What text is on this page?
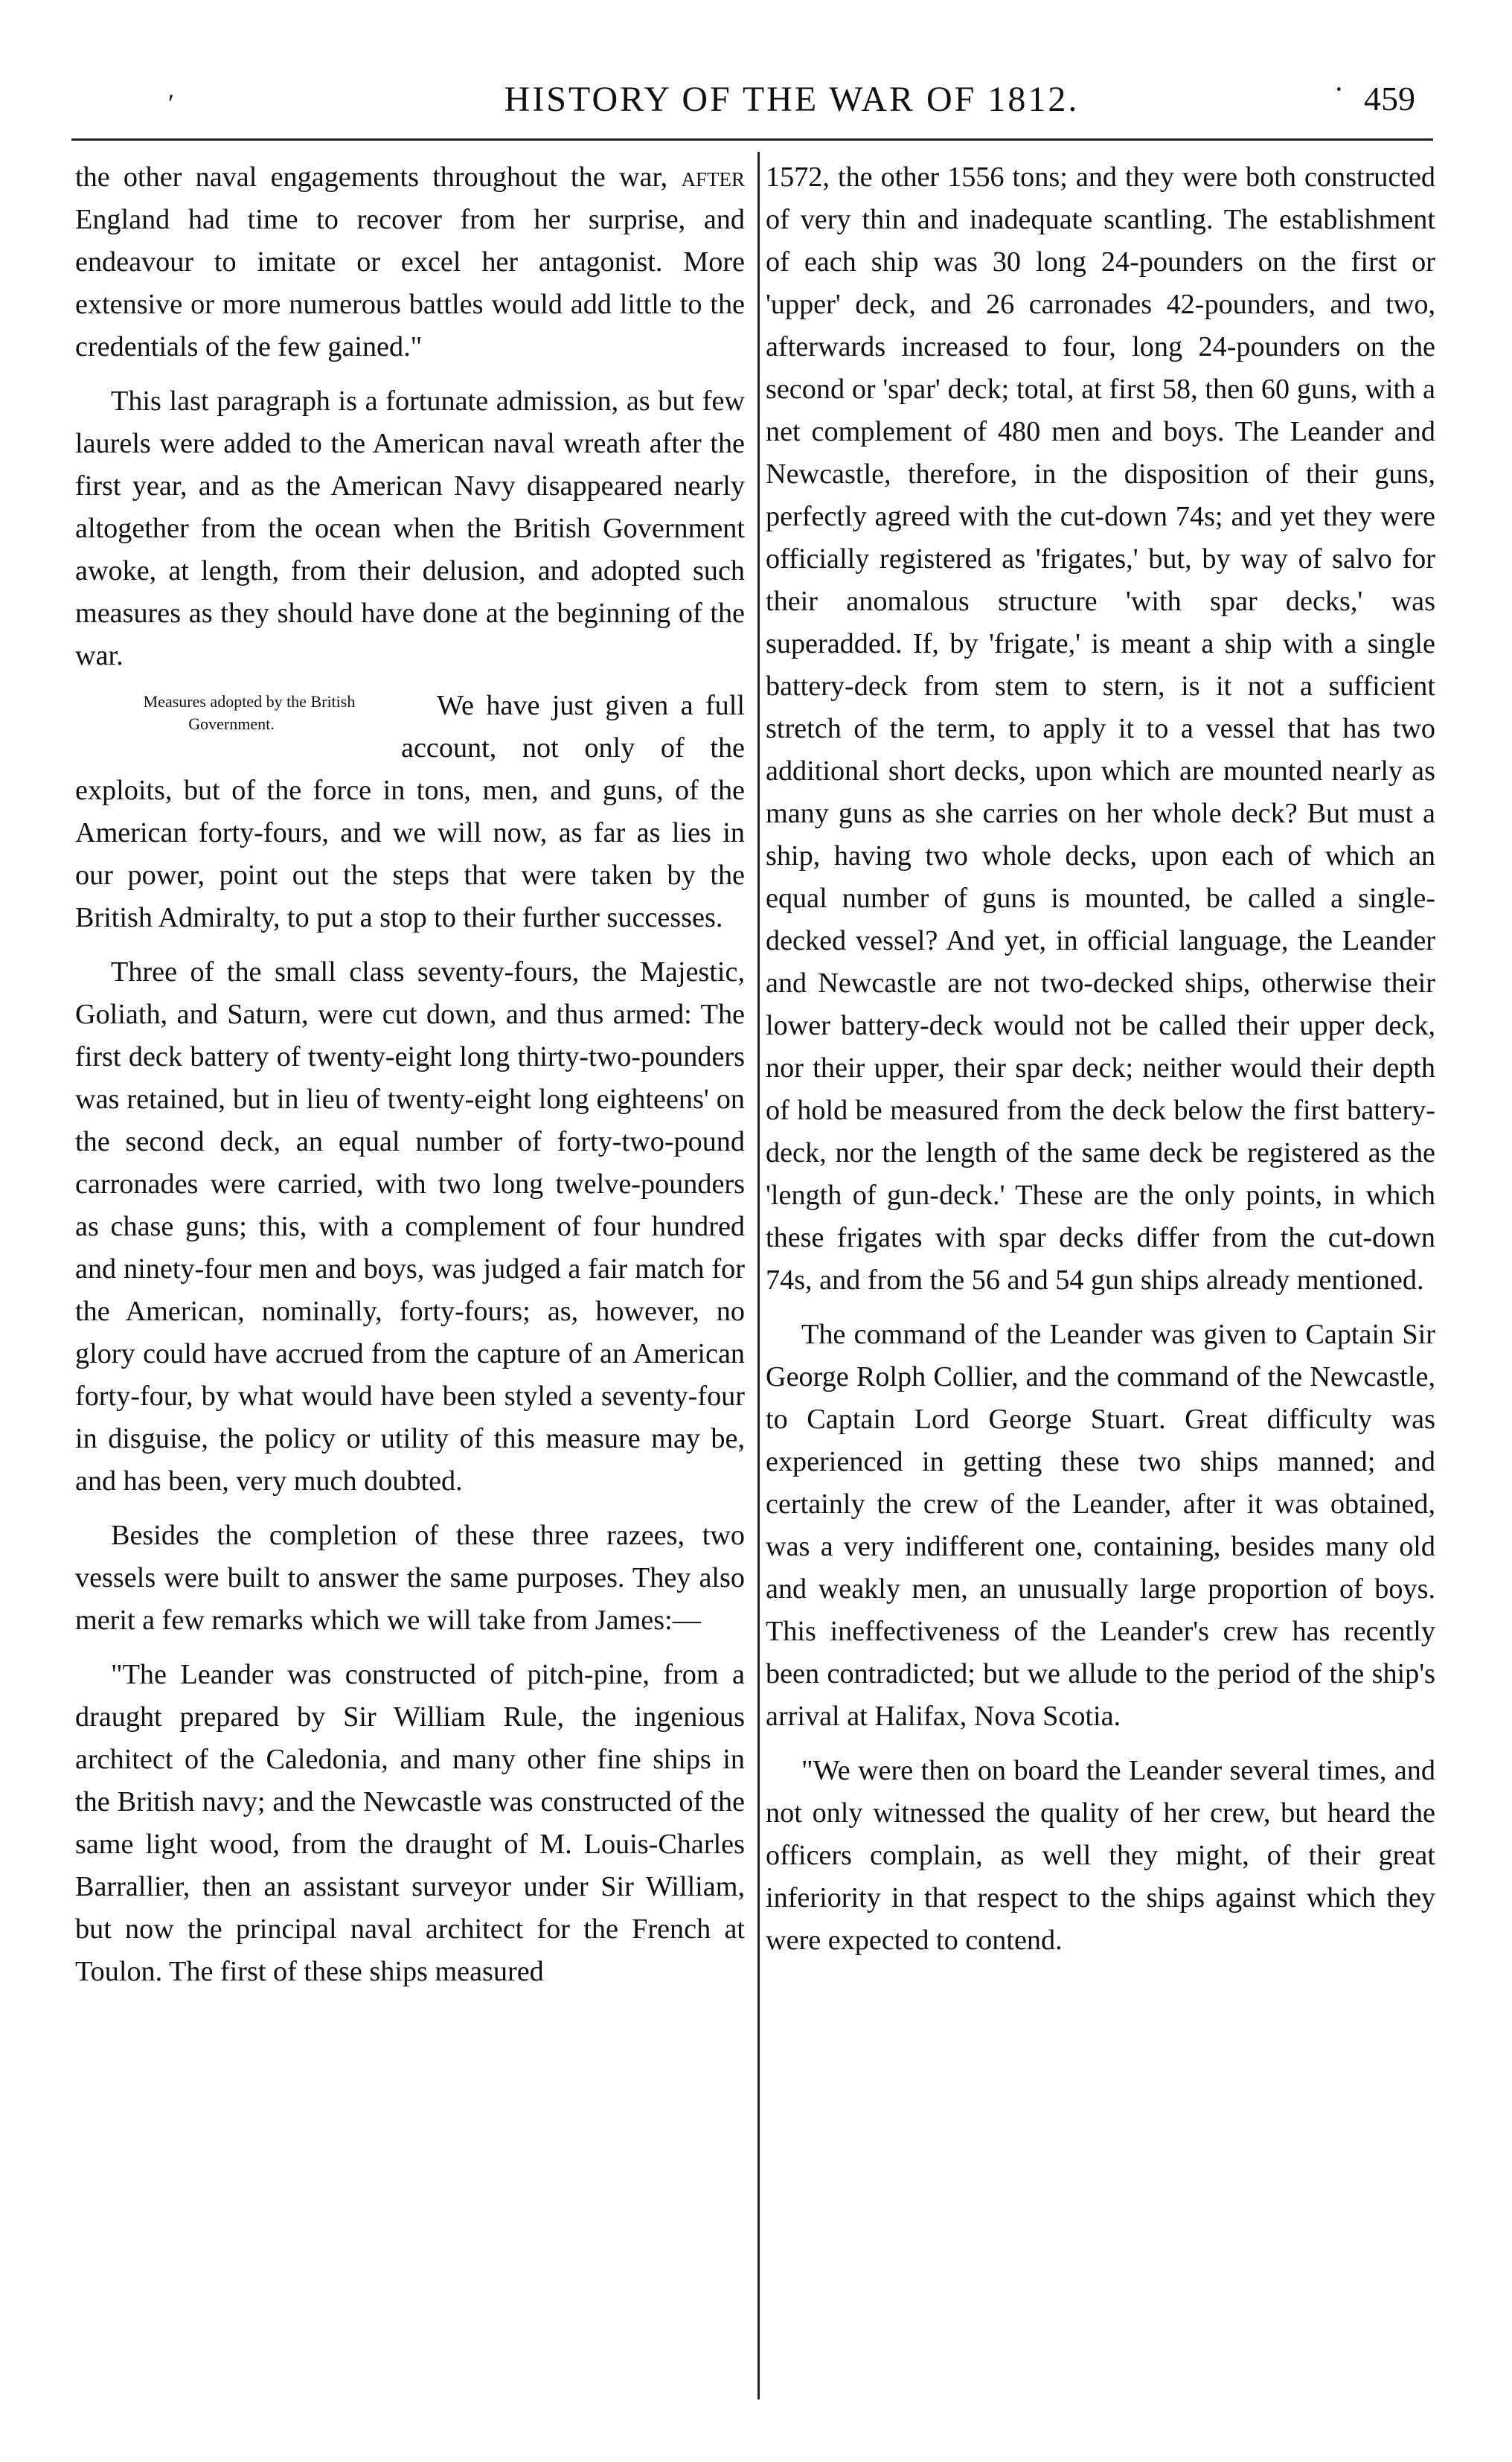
ʹ	HISTORY OF THE WAR OF 1812.	· 459

the other naval engagements throughout the war, after England had time to recover from her surprise, and endeavour to imitate or excel her antagonist. More extensive or more numerous battles would add little to the credentials of the few gained."

This last paragraph is a fortunate admission, as but few laurels were added to the American naval wreath after the first year, and as the American Navy disappeared nearly altogether from the ocean when the British Government awoke, at length, from their delusion, and adopted such measures as they should have done at the beginning of the war.

Measures adopted by the British Government.
We have just given a full account, not only of the exploits, but of the force in tons, men, and guns, of the American forty-fours, and we will now, as far as lies in our power, point out the steps that were taken by the British Admiralty, to put a stop to their further successes.

Three of the small class seventy-fours, the Majestic, Goliath, and Saturn, were cut down, and thus armed: The first deck battery of twenty-eight long thirty-two-pounders was retained, but in lieu of twenty-eight long eighteens' on the second deck, an equal number of forty-two-pound carronades were carried, with two long twelve-pounders as chase guns; this, with a complement of four hundred and ninety-four men and boys, was judged a fair match for the American, nominally, forty-fours; as, however, no glory could have accrued from the capture of an American forty-four, by what would have been styled a seventy-four in disguise, the policy or utility of this measure may be, and has been, very much doubted.

Besides the completion of these three razees, two vessels were built to answer the same purposes. They also merit a few remarks which we will take from James:—

"The Leander was constructed of pitch-pine, from a draught prepared by Sir William Rule, the ingenious architect of the Caledonia, and many other fine ships in the British navy; and the Newcastle was constructed of the same light wood, from the draught of M. Louis-Charles Barrallier, then an assistant surveyor under Sir William, but now the principal naval architect for the French at Toulon. The first of these ships measured

1572, the other 1556 tons; and they were both constructed of very thin and inadequate scantling. The establishment of each ship was 30 long 24-pounders on the first or 'upper' deck, and 26 carronades 42-pounders, and two, afterwards increased to four, long 24-pounders on the second or 'spar' deck; total, at first 58, then 60 guns, with a net complement of 480 men and boys. The Leander and Newcastle, therefore, in the disposition of their guns, perfectly agreed with the cut-down 74s; and yet they were officially registered as 'frigates,' but, by way of salvo for their anomalous structure 'with spar decks,' was superadded. If, by 'frigate,' is meant a ship with a single battery-deck from stem to stern, is it not a sufficient stretch of the term, to apply it to a vessel that has two additional short decks, upon which are mounted nearly as many guns as she carries on her whole deck? But must a ship, having two whole decks, upon each of which an equal number of guns is mounted, be called a single-decked vessel? And yet, in official language, the Leander and Newcastle are not two-decked ships, otherwise their lower battery-deck would not be called their upper deck, nor their upper, their spar deck; neither would their depth of hold be measured from the deck below the first battery-deck, nor the length of the same deck be registered as the 'length of gun-deck.' These are the only points, in which these frigates with spar decks differ from the cut-down 74s, and from the 56 and 54 gun ships already mentioned.

The command of the Leander was given to Captain Sir George Rolph Collier, and the command of the Newcastle, to Captain Lord George Stuart. Great difficulty was experienced in getting these two ships manned; and certainly the crew of the Leander, after it was obtained, was a very indifferent one, containing, besides many old and weakly men, an unusually large proportion of boys. This ineffectiveness of the Leander's crew has recently been contradicted; but we allude to the period of the ship's arrival at Halifax, Nova Scotia.

"We were then on board the Leander several times, and not only witnessed the quality of her crew, but heard the officers complain, as well they might, of their great inferiority in that respect to the ships against which they were expected to contend.
